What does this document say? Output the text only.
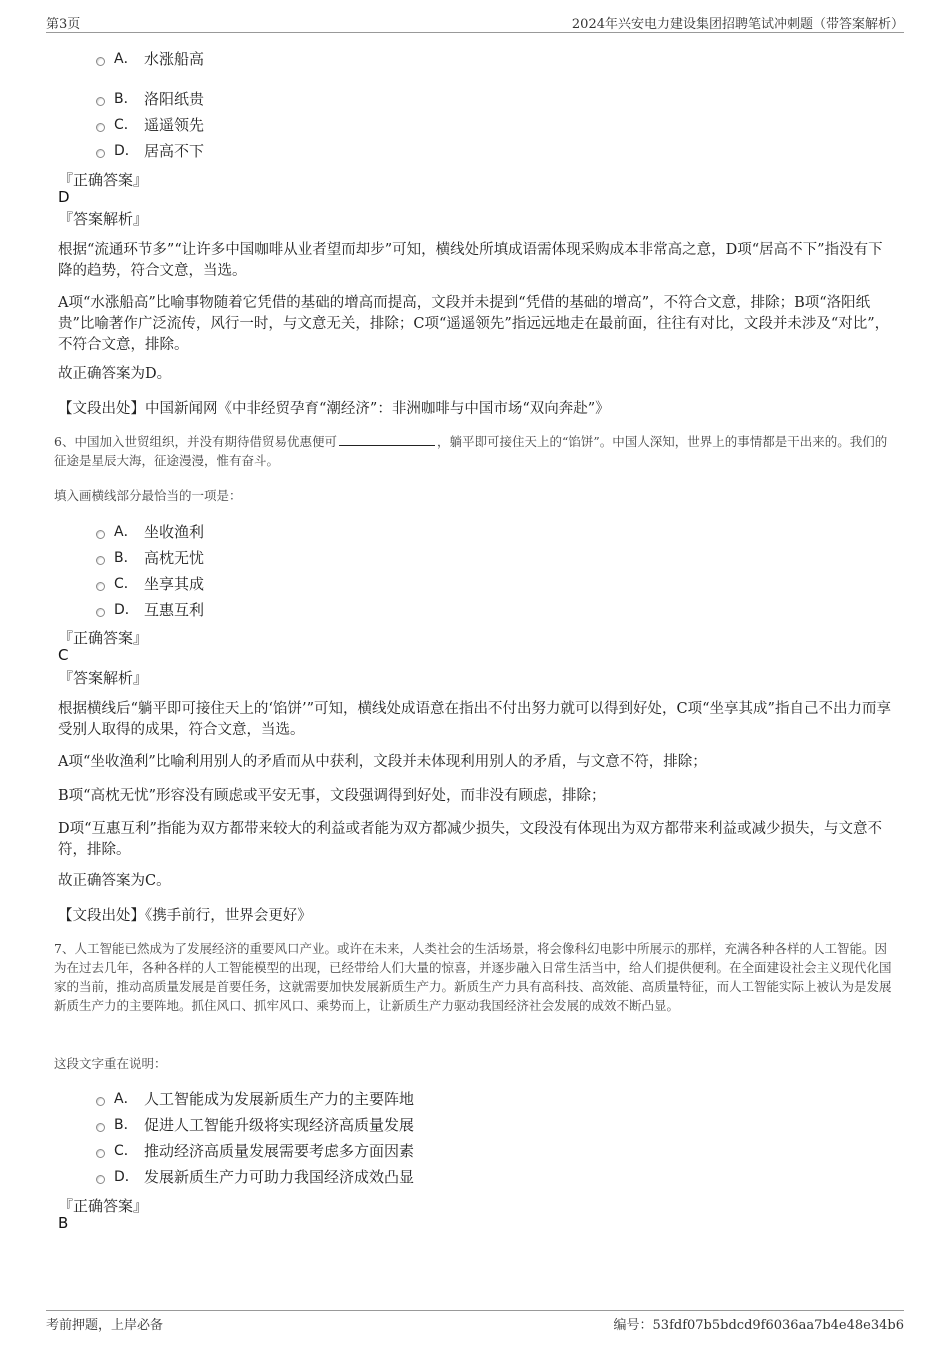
第3页	2024年兴安电力建设集团招聘笔试冲刺题（带答案解析）
A． 水涨船高
B． 洛阳纸贵
C． 遥遥领先
D． 居高不下
『正确答案』
D
『答案解析』
根据“流通环节多”“让许多中国咖啡从业者望而却步”可知，横线处所填成语需体现采购成本非常高之意，D项“居高不下”指没有下降的趋势，符合文意，当选。
A项“水涨船高”比喻事物随着它凭借的基础的增高而提高，文段并未提到“凭借的基础的增高”，不符合文意，排除；B项“洛阳纸贵”比喻著作广泛流传，风行一时，与文意无关，排除；C项“遥遥领先”指远远地走在最前面，往往有对比，文段并未涉及“对比”，不符合文意，排除。
故正确答案为D。
【文段出处】中国新闻网《中非经贸孕育“潮经济”：非洲咖啡与中国市场“双向奔赴”》
6、中国加入世贸组织，并没有期待借贸易优惠便可	，躺平即可接住天上的“馅饼”。中国人深知，世界上的事情都是干出来的。我们的征途是星辰大海，征途漫漫，惟有奋斗。
填入画横线部分最恰当的一项是：
A． 坐收渔利
B． 高枕无忧
C． 坐享其成
D． 互惠互利
『正确答案』
C
『答案解析』
根据横线后“躺平即可接住天上的‘馅饼’”可知，横线处成语意在指出不付出努力就可以得到好处，C项“坐享其成”指自己不出力而享受别人取得的成果，符合文意，当选。
A项“坐收渔利”比喻利用别人的矛盾而从中获利，文段并未体现利用别人的矛盾，与文意不符，排除；
B项“高枕无忧”形容没有顾虑或平安无事，文段强调得到好处，而非没有顾虑，排除；
D项“互惠互利”指能为双方都带来较大的利益或者能为双方都减少损失，文段没有体现出为双方都带来利益或减少损失，与文意不符，排除。
故正确答案为C。
【文段出处】《携手前行，世界会更好》
7、人工智能已然成为了发展经济的重要风口产业。或许在未来，人类社会的生活场景，将会像科幻电影中所展示的那样，充满各种各样的人工智能。因为在过去几年，各种各样的人工智能模型的出现，已经带给人们大量的惊喜，并逐步融入日常生活当中，给人们提供便利。在全面建设社会主义现代化国家的当前，推动高质量发展是首要任务，这就需要加快发展新质生产力。新质生产力具有高科技、高效能、高质量特征，而人工智能实际上被认为是发展新质生产力的主要阵地。抓住风口、抓牢风口、乘势而上，让新质生产力驱动我国经济社会发展的成效不断凸显。
这段文字重在说明：
A． 人工智能成为发展新质生产力的主要阵地
B． 促进人工智能升级将实现经济高质量发展
C． 推动经济高质量发展需要考虑多方面因素
D． 发展新质生产力可助力我国经济成效凸显
『正确答案』
B
考前押题，上岸必备	编号：53fdf07b5bdcd9f6036aa7b4e48e34b6
